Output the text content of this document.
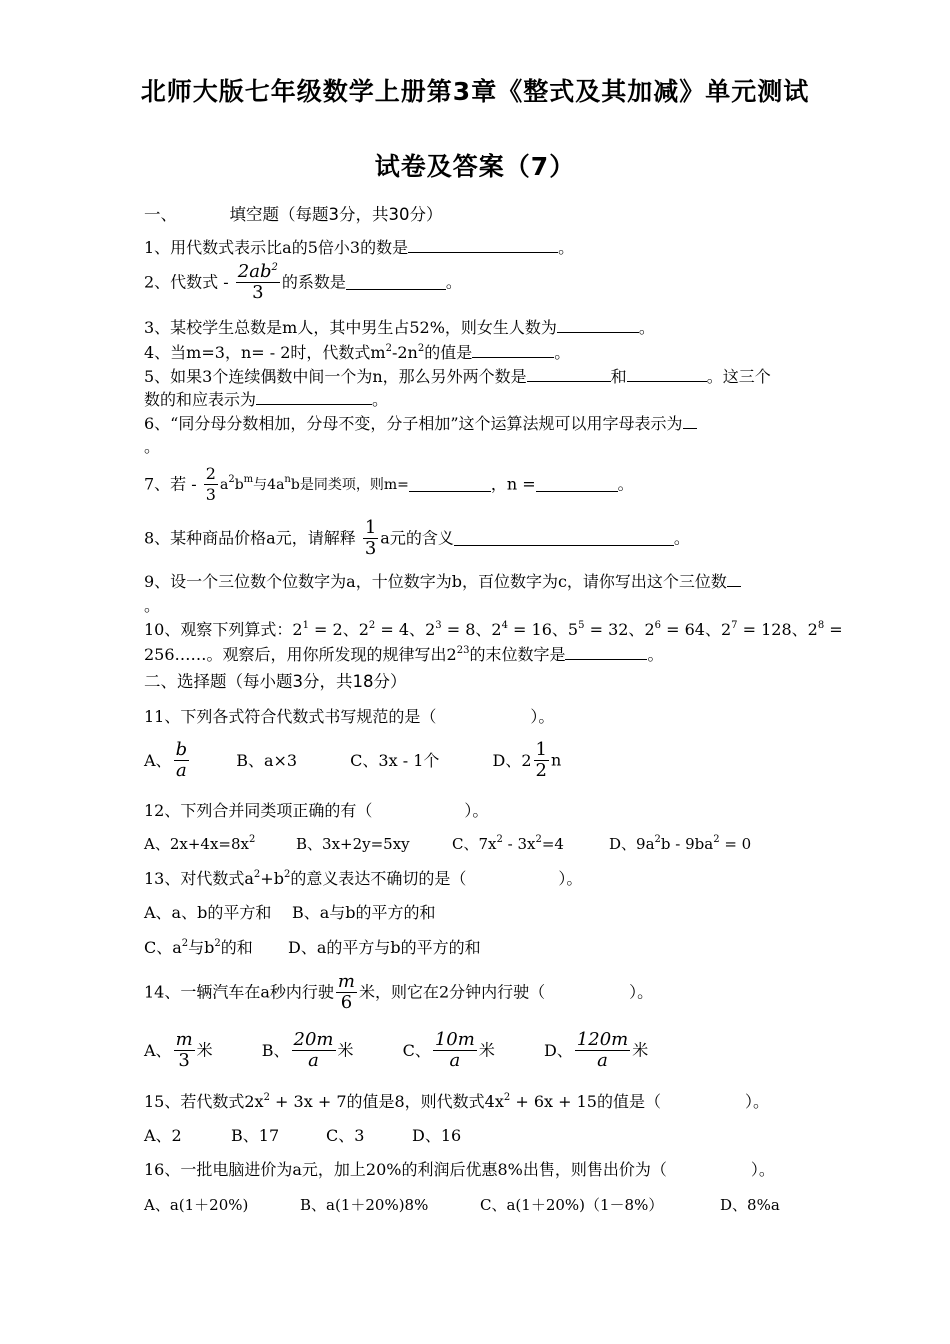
北师大版七年级数学上册第3章《整式及其加减》单元测试
试卷及答案（7）
一、	填空题（每题3分，共30分）
1、用代数式表示比a的5倍小3的数是	。
2、代数式 - $\frac{2ab^2}{3}$ 的系数是	。
3、某校学生总数是m人，其中男生占52%，则女生人数为	。
4、当m=3，n= - 2时，代数式$m^2-2n^2$的值是	。
5、如果3个连续偶数中间一个为n，那么另外两个数是	和	。这三个
数的和应表示为	。
6、“同分母分数相加，分母不变，分子相加”这个运算法规可以用字母表示为
。
7、若 - $\frac{2}{3} a^2b^m$与$4a^nb$是同类项，则m=	，n =	。
8、某种商品价格a元，请解释 $\frac{1}{3}$ a元的含义	。
9、设一个三位数个位数字为a，十位数字为b，百位数字为c，请你写出这个三位数
。
10、观察下列算式：$2^1 = 2$、$2^2 = 4$、$2^3 = 8$、$2^4 = 16$、$5^5 = 32$、$2^6 = 64$、$2^7 = 128$、$2^8$ =
256……。观察后，用你所发现的规律写出$2^{23}$的末位数字是	。
二、选择题（每小题3分，共18分）
11、下列各式符合代数式书写规范的是（	）。
A、 $\frac{b}{a}$	B、a×3	C、3x - 1个	D、$2 \frac{1}{2}$ n
12、下列合并同类项正确的有（	）。
A、$2x+4x=8x^2$	B、3x+2y=5xy	C、$7x^2 - 3x^2=4$	D、$9a^2b - 9ba^2 = 0$
13、对代数式$a^2+b^2$的意义表达不确切的是（	）。
A、a、b的平方和 B、a与b的平方的和
C、$a^2$与$b^2$的和 D、a的平方与b的平方的和
14、一辆汽车在a秒内行驶 $\frac{m}{6}$ 米，则它在2分钟内行驶（	）。
A、 $\frac{m}{3}$ 米	B、 $\frac{20m}{a}$ 米	C、 $\frac{10m}{a}$ 米	D、 $\frac{120m}{a}$ 米
15、若代数式$2x^2 + 3x + 7$的值是8，则代数式$4x^2 + 6x + 15$的值是（	）。
A、2	B、17	C、3	D、16
16、一批电脑进价为a元，加上20%的利润后优惠8%出售，则售出价为（	）。
A、a(1＋20%)	B、a(1＋20%)8%	C、a(1＋20%)（1－8%）	D、8%a
